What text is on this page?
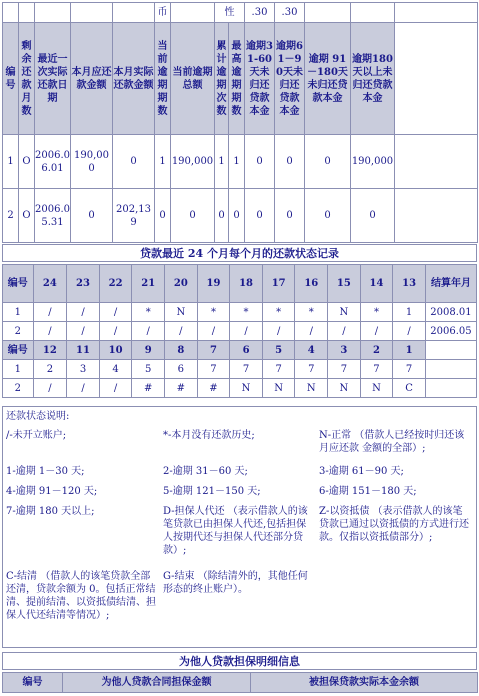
					币		性		.30	.30			
编号	剩余还款月数	最近一次实际还款日期	本月应还款金额	本月实际还款金额	当前逾期期数	当前逾期总额	累计逾期次数	最高逾期期数	逾期31-60天未归还贷款本金	逾期61－90天未归还贷款本金	逾期 91－180天未归还贷款本金	逾期180天以上未归还贷款本金	
1	O	2006.06.01	190,000	0	1	190,000	1	1	0	0	0	190,000	
2	O	2006.05.31	0	202,139	0	0	0	0	0	0	0	0	
贷款最近 24 个月每个月的还款状态记录
编号	24	23	22	21	20	19	18	17	16	15	14	13	结算年月
1	/	/	/	*	N	*	*	*	*	N	*	1	2008.01
2	/	/	/	/	/	/	/	/	/	/	/	/	2006.05
编号	12	11	10	9	8	7	6	5	4	3	2	1	
1	2	3	4	5	6	7	7	7	7	7	7	7	
2	/	/	/	#	#	#	N	N	N	N	N	C	
还款状态说明:
/-未开立账户;	*-本月没有还款历史;	N-正常 （借款人已经按时归还该月应还款 金额的全部）;
1-逾期 1－30 天;	2-逾期 31－60 天;	3-逾期 61－90 天;
4-逾期 91－120 天;	5-逾期 121－150 天;	6-逾期 151－180 天;
7-逾期 180 天以上;	D-担保人代还 （表示借款人的该笔贷款已由担保人代还,包括担保人按期代还与担保人代还部分贷款）;
Z-以资抵债 （表示借款人的该笔贷款已通过以资抵债的方式进行还款。仅指以资抵债部分）;
C-结清 （借款人的该笔贷款全部还清，贷款余额为 0。包括正常结清、提前结清、以资抵债结清、担保人代还结清等情况）;
G-结束 （除结清外的，其他任何形态的终止账户）。
为他人贷款担保明细信息
编号	为他人贷款合同担保金额	被担保贷款实际本金余额
